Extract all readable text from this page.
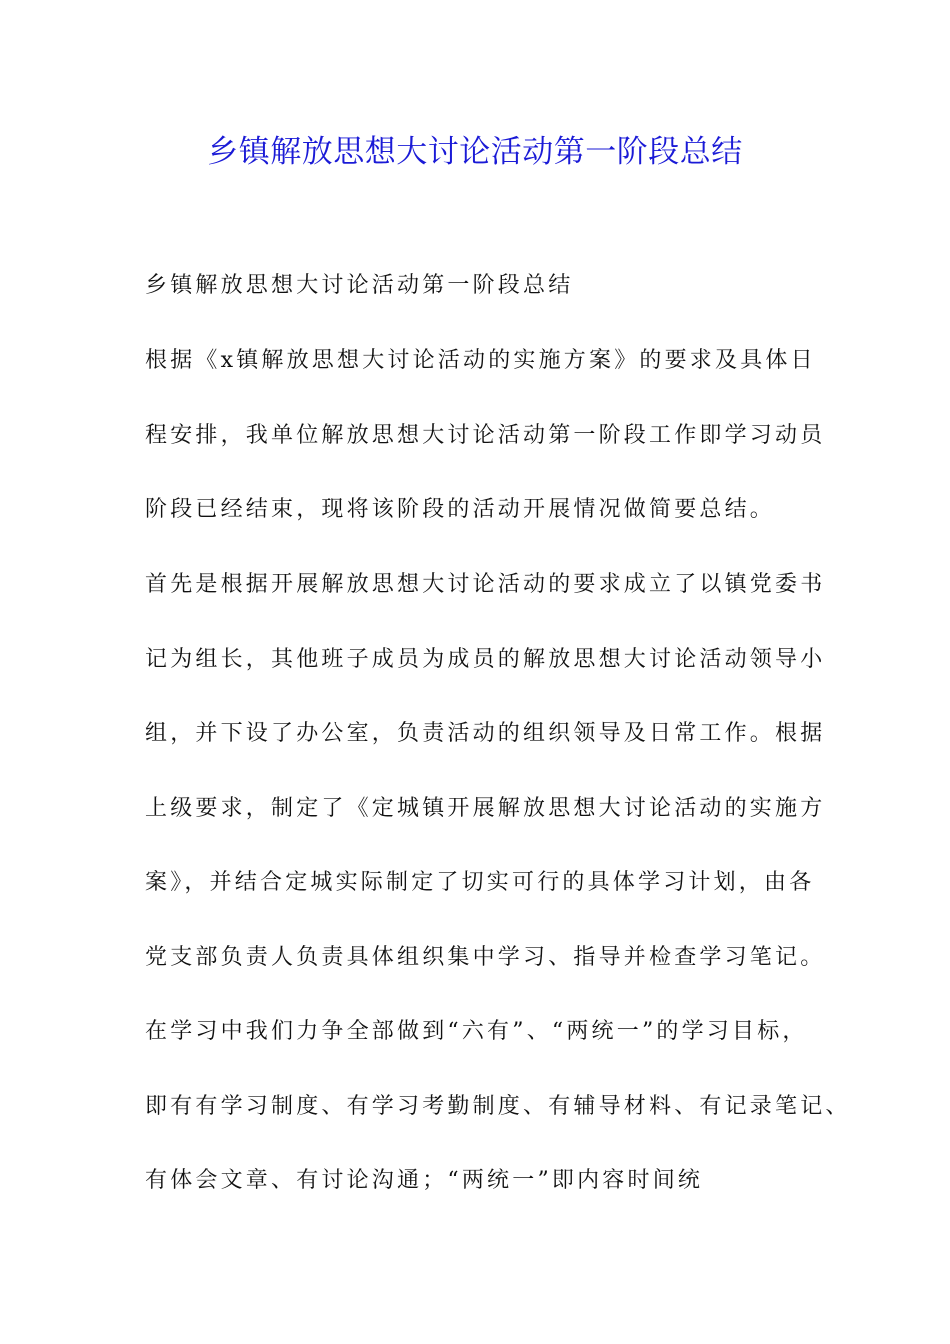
乡镇解放思想大讨论活动第一阶段总结
乡镇解放思想大讨论活动第一阶段总结
根据《x镇解放思想大讨论活动的实施方案》的要求及具体日
程安排，我单位解放思想大讨论活动第一阶段工作即学习动员
阶段已经结束，现将该阶段的活动开展情况做简要总结。
首先是根据开展解放思想大讨论活动的要求成立了以镇党委书
记为组长，其他班子成员为成员的解放思想大讨论活动领导小
组，并下设了办公室，负责活动的组织领导及日常工作。根据
上级要求，制定了《定城镇开展解放思想大讨论活动的实施方
案》，并结合定城实际制定了切实可行的具体学习计划，由各
党支部负责人负责具体组织集中学习、指导并检查学习笔记。
在学习中我们力争全部做到“六有”、“两统一”的学习目标，
即有有学习制度、有学习考勤制度、有辅导材料、有记录笔记、
有体会文章、有讨论沟通；“两统一”即内容时间统
